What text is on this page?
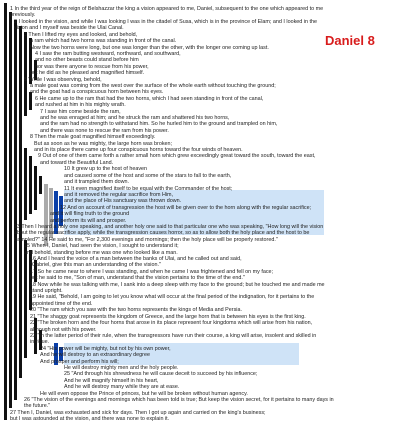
Daniel 8
1 In the third year of the reign of Belshazzar the king a vision appeared to me, Daniel, subsequent to the one which appeared to me
previously.
2 I looked in the vision, and while I was looking I was in the citadel of Susa, which is in the province of Elam; and I looked in the
vision and I myself was beside the Ulai Canal.
3 Then I lifted my eyes and looked, and behold,
a ram which had two horns was standing in front of the canal.
Now the two horns were long, but one was longer than the other, with the longer one coming up last.
4 I saw the ram butting westward, northward, and southward,
and no other beasts could stand before him
nor was there anyone to rescue from his power,
but he did as he pleased and magnified himself.
5 While I was observing, behold,
a male goat was coming from the west over the surface of the whole earth without touching the ground;
and the goat had a conspicuous horn between his eyes.
6 He came up to the ram that had the two horns, which I had seen standing in front of the canal,
and rushed at him in his mighty wrath.
7 I saw him come beside the ram,
and he was enraged at him; and he struck the ram and shattered his two horns,
and the ram had no strength to withstand him. So he hurled him to the ground and trampled on him,
and there was none to rescue the ram from his power.
8 Then the male goat magnified himself exceedingly.
But as soon as he was mighty, the large horn was broken;
and in its place there came up four conspicuous horns toward the four winds of heaven.
9 Out of one of them came forth a rather small horn which grew exceedingly great toward the south, toward the east,
and toward the Beautiful Land.
10 It grew up to the host of heaven
and caused some of the host and some of the stars to fall to the earth,
and it trampled them down.
11 It even magnified itself to be equal with the Commander of the host;
and it removed the regular sacrifice from Him,
and the place of His sanctuary was thrown down.
12 And on account of transgression the host will be given over to the horn along with the regular sacrifice;
and it will fling truth to the ground
and perform its will and prosper.
13 Then I heard a holy one speaking, and another holy one said to that particular one who was speaking, "How long will the vision
about the regular sacrifice apply, while the transgression causes horror, so as to allow both the holy place and the host to be
trampled?" 14 He said to me, "For 2,300 evenings and mornings; then the holy place will be properly restored."
15 When I, Daniel, had seen the vision, I sought to understand it;
and behold, standing before me was one who looked like a man.
16 And I heard the voice of a man between the banks of Ulai, and he called out and said,
"Gabriel, give this man an understanding of the vision."
17 So he came near to where I was standing, and when he came I was frightened and fell on my face;
but he said to me, "Son of man, understand that the vision pertains to the time of the end."
18 Now while he was talking with me, I sank into a deep sleep with my face to the ground; but he touched me and made me
stand upright.
19 He said, "Behold, I am going to let you know what will occur at the final period of the indignation, for it pertains to the
appointed time of the end.
20 "The ram which you saw with the two horns represents the kings of Media and Persia.
21 "The shaggy goat represents the kingdom of Greece, and the large horn that is between his eyes is the first king.
22 "The broken horn and the four horns that arose in its place represent four kingdoms which will arise from his nation,
although not with his power.
23 "In the latter period of their rule, when the transgressors have run their course, a king will arise, insolent and skilled in
intrigue.
24 "His power will be mighty, but not by his own power,
And he will destroy to an extraordinary degree
And prosper and perform his will;
He will destroy mighty men and the holy people.
25 "And through his shrewdness he will cause deceit to succeed by his influence;
And he will magnify himself in his heart,
And he will destroy many while they are at ease.
He will even oppose the Prince of princes, but he will be broken without human agency.
26 "The vision of the evenings and mornings which has been told is true; But keep the vision secret, for it pertains to many days in
the future."
27 Then I, Daniel, was exhausted and sick for days. Then I got up again and carried on the king's business;
but I was astounded at the vision, and there was none to explain it.
